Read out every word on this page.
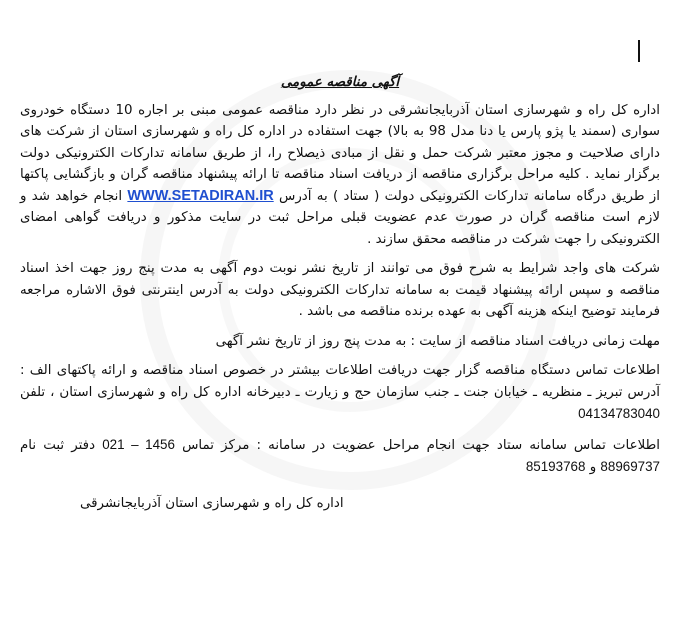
آگهی مناقصه عمومی

اداره کل راه و شهرسازی استان آذربایجانشرقی در نظر دارد مناقصه عمومی مبنی بر اجاره 10 دستگاه خودروی سواری (سمند یا پژو پارس یا دنا مدل 98 به بالا) جهت استفاده در اداره کل راه و شهرسازی استان از شرکت های دارای صلاحیت و مجوز معتبر شرکت حمل و نقل از مبادی ذیصلاح را، از طریق سامانه تدارکات الکترونیکی دولت برگزار نماید . کلیه مراحل برگزاری مناقصه از دریافت اسناد مناقصه تا ارائه پیشنهاد مناقصه گران و بازگشایی پاکتها از طریق درگاه سامانه تدارکات الکترونیکی دولت ( ستاد ) به آدرس WWW.SETADIRAN.IR انجام خواهد شد و لازم است مناقصه گران در صورت عدم عضویت قبلی مراحل ثبت در سایت مذکور و دریافت گواهی امضای الکترونیکی را جهت شرکت در مناقصه محقق سازند .

شرکت های واجد شرایط به شرح فوق می توانند از تاریخ نشر نوبت دوم آگهی به مدت پنج روز جهت اخذ اسناد مناقصه و سپس ارائه پیشنهاد قیمت به سامانه تدارکات الکترونیکی دولت به آدرس اینترنتی فوق الاشاره مراجعه فرمایند توضیح اینکه هزینه آگهی به عهده برنده مناقصه می باشد .

مهلت زمانی دریافت اسناد مناقصه از سایت : به مدت پنج روز از تاریخ نشر آگهی

اطلاعات تماس دستگاه مناقصه گزار جهت دریافت اطلاعات بیشتر در خصوص اسناد مناقصه و ارائه پاکتهای الف : آدرس تبریز ـ منظریه ـ خیابان جنت ـ جنب سازمان حج و زیارت ـ دبیرخانه اداره کل راه و شهرسازی استان ، تلفن 04134783040

اطلاعات تماس سامانه ستاد جهت انجام مراحل عضویت در سامانه : مرکز تماس 021 – 1456 دفتر ثبت نام 88969737 و 85193768

اداره کل راه و شهرسازی استان آذربایجانشرقی
